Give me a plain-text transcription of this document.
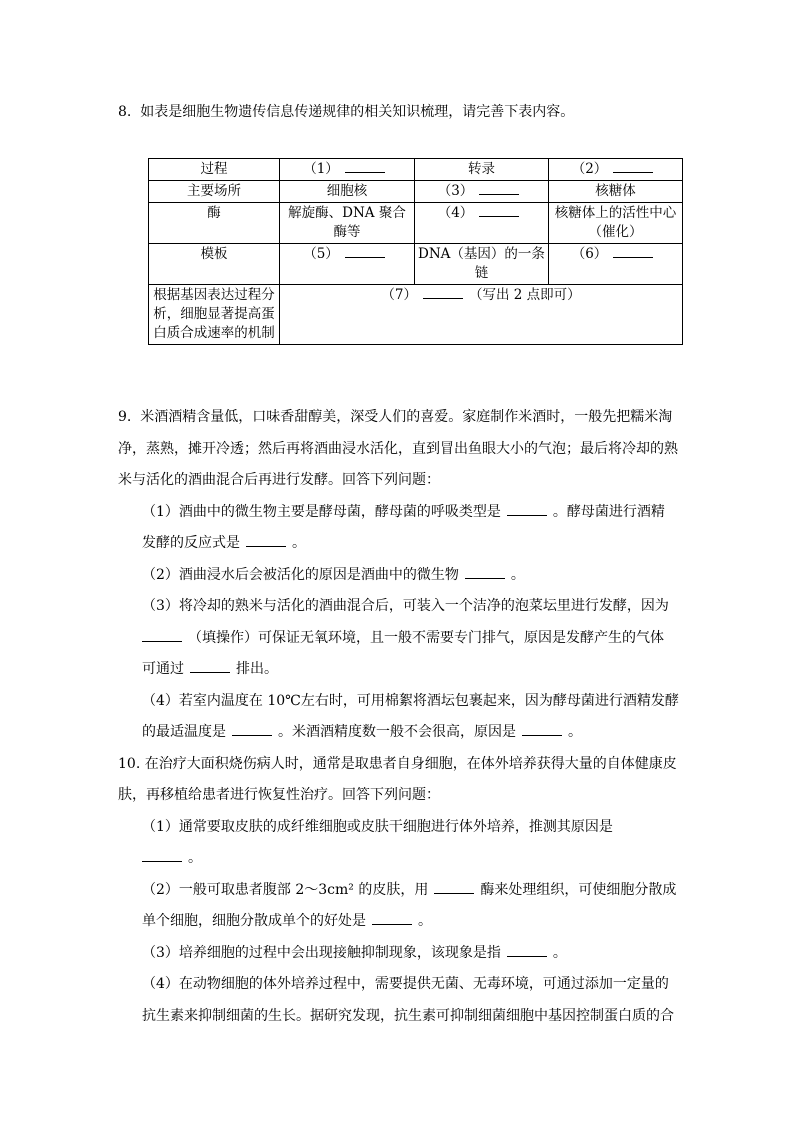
8. 如表是细胞生物遗传信息传递规律的相关知识梳理，请完善下表内容。
过程	（1）	转录	（2）
主要场所	细胞核	（3）	核糖体
酶	解旋酶、DNA 聚合酶等	（4）	核糖体上的活性中心（催化）
模板	（5）	DNA（基因）的一条链	（6）
根据基因表达过程分析，细胞显著提高蛋白质合成速率的机制	（7） （写出 2 点即可）		

9. 米酒酒精含量低，口味香甜醇美，深受人们的喜爱。家庭制作米酒时，一般先把糯米淘净，蒸熟，摊开冷透；然后再将酒曲浸水活化，直到冒出鱼眼大小的气泡；最后将冷却的熟米与活化的酒曲混合后再进行发酵。回答下列问题：

（1）酒曲中的微生物主要是酵母菌，酵母菌的呼吸类型是	。酵母菌进行酒精

发酵的反应式是	。

（2）酒曲浸水后会被活化的原因是酒曲中的微生物	。

（3）将冷却的熟米与活化的酒曲混合后，可装入一个洁净的泡菜坛里进行发酵，因为

（填操作）可保证无氧环境，且一般不需要专门排气，原因是发酵产生的气体

可通过	排出。

（4）若室内温度在 10℃左右时，可用棉絮将酒坛包裹起来，因为酵母菌进行酒精发酵

的最适温度是	。米酒酒精度数一般不会很高，原因是	。

10. 在治疗大面积烧伤病人时，通常是取患者自身细胞，在体外培养获得大量的自体健康皮肤，再移植给患者进行恢复性治疗。回答下列问题：

（1）通常要取皮肤的成纤维细胞或皮肤干细胞进行体外培养，推测其原因是

。

（2）一般可取患者腹部 2～3cm² 的皮肤，用	酶来处理组织，可使细胞分散成

单个细胞，细胞分散成单个的好处是	。

（3）培养细胞的过程中会出现接触抑制现象，该现象是指	。

（4）在动物细胞的体外培养过程中，需要提供无菌、无毒环境，可通过添加一定量的

抗生素来抑制细菌的生长。据研究发现，抗生素可抑制细菌细胞中基因控制蛋白质的合
